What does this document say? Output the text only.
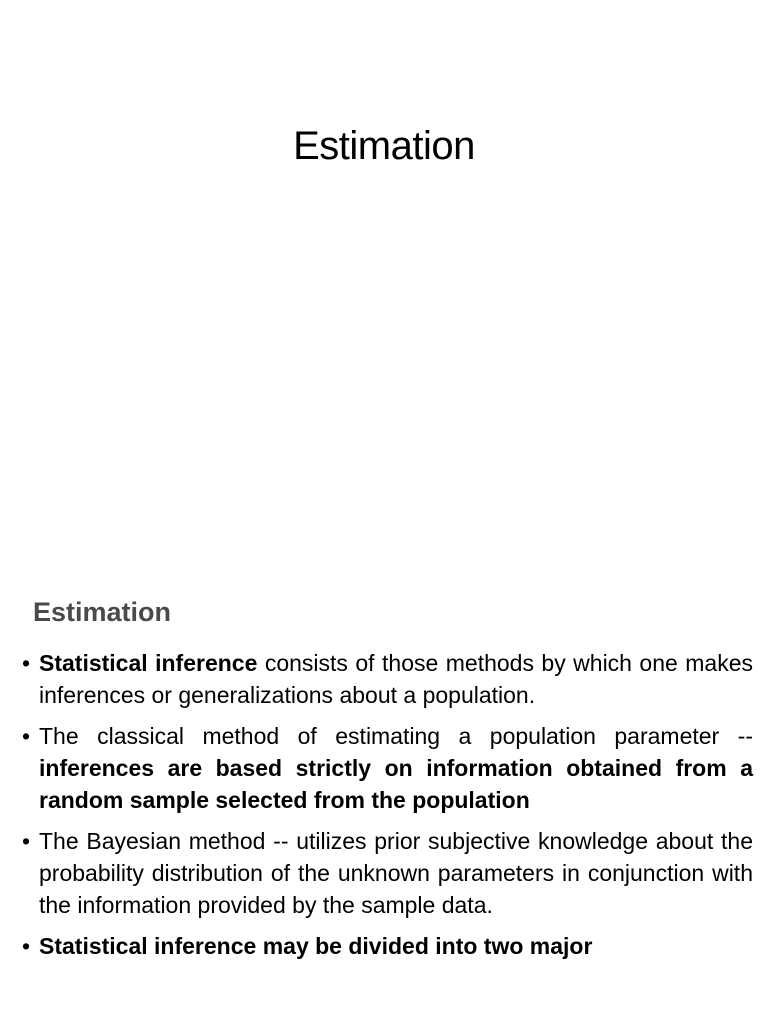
Estimation
Estimation
• Statistical inference consists of those methods by which one makes inferences or generalizations about a population.
• The classical method of estimating a population parameter -- inferences are based strictly on information obtained from a random sample selected from the population
• The Bayesian method -- utilizes prior subjective knowledge about the probability distribution of the unknown parameters in conjunction with the information provided by the sample data.
• Statistical inference may be divided into two major
